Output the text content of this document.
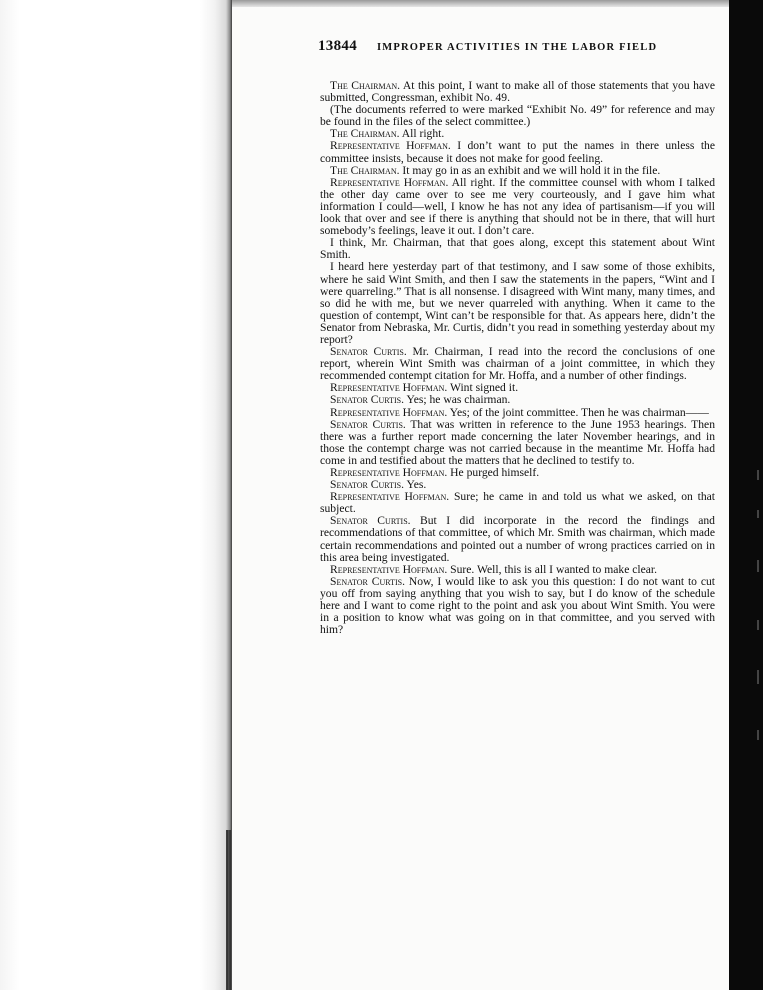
13844 IMPROPER ACTIVITIES IN THE LABOR FIELD

The Chairman. At this point, I want to make all of those statements that you have submitted, Congressman, exhibit No. 49.

(The documents referred to were marked “Exhibit No. 49” for reference and may be found in the files of the select committee.)

The Chairman. All right.

Representative Hoffman. I don’t want to put the names in there unless the committee insists, because it does not make for good feeling.

The Chairman. It may go in as an exhibit and we will hold it in the file.

Representative Hoffman. All right. If the committee counsel with whom I talked the other day came over to see me very courteously, and I gave him what information I could—well, I know he has not any idea of partisanism—if you will look that over and see if there is anything that should not be in there, that will hurt somebody’s feelings, leave it out. I don’t care.

I think, Mr. Chairman, that that goes along, except this statement about Wint Smith.

I heard here yesterday part of that testimony, and I saw some of those exhibits, where he said Wint Smith, and then I saw the statements in the papers, “Wint and I were quarreling.” That is all nonsense. I disagreed with Wint many, many times, and so did he with me, but we never quarreled with anything. When it came to the question of contempt, Wint can’t be responsible for that. As appears here, didn’t the Senator from Nebraska, Mr. Curtis, didn’t you read in something yesterday about my report?

Senator Curtis. Mr. Chairman, I read into the record the conclusions of one report, wherein Wint Smith was chairman of a joint committee, in which they recommended contempt citation for Mr. Hoffa, and a number of other findings.

Representative Hoffman. Wint signed it.

Senator Curtis. Yes; he was chairman.

Representative Hoffman. Yes; of the joint committee. Then he was chairman——

Senator Curtis. That was written in reference to the June 1953 hearings. Then there was a further report made concerning the later November hearings, and in those the contempt charge was not carried because in the meantime Mr. Hoffa had come in and testified about the matters that he declined to testify to.

Representative Hoffman. He purged himself.

Senator Curtis. Yes.

Representative Hoffman. Sure; he came in and told us what we asked, on that subject.

Senator Curtis. But I did incorporate in the record the findings and recommendations of that committee, of which Mr. Smith was chairman, which made certain recommendations and pointed out a number of wrong practices carried on in this area being investigated.

Representative Hoffman. Sure. Well, this is all I wanted to make clear.

Senator Curtis. Now, I would like to ask you this question: I do not want to cut you off from saying anything that you wish to say, but I do know of the schedule here and I want to come right to the point and ask you about Wint Smith. You were in a position to know what was going on in that committee, and you served with him?
